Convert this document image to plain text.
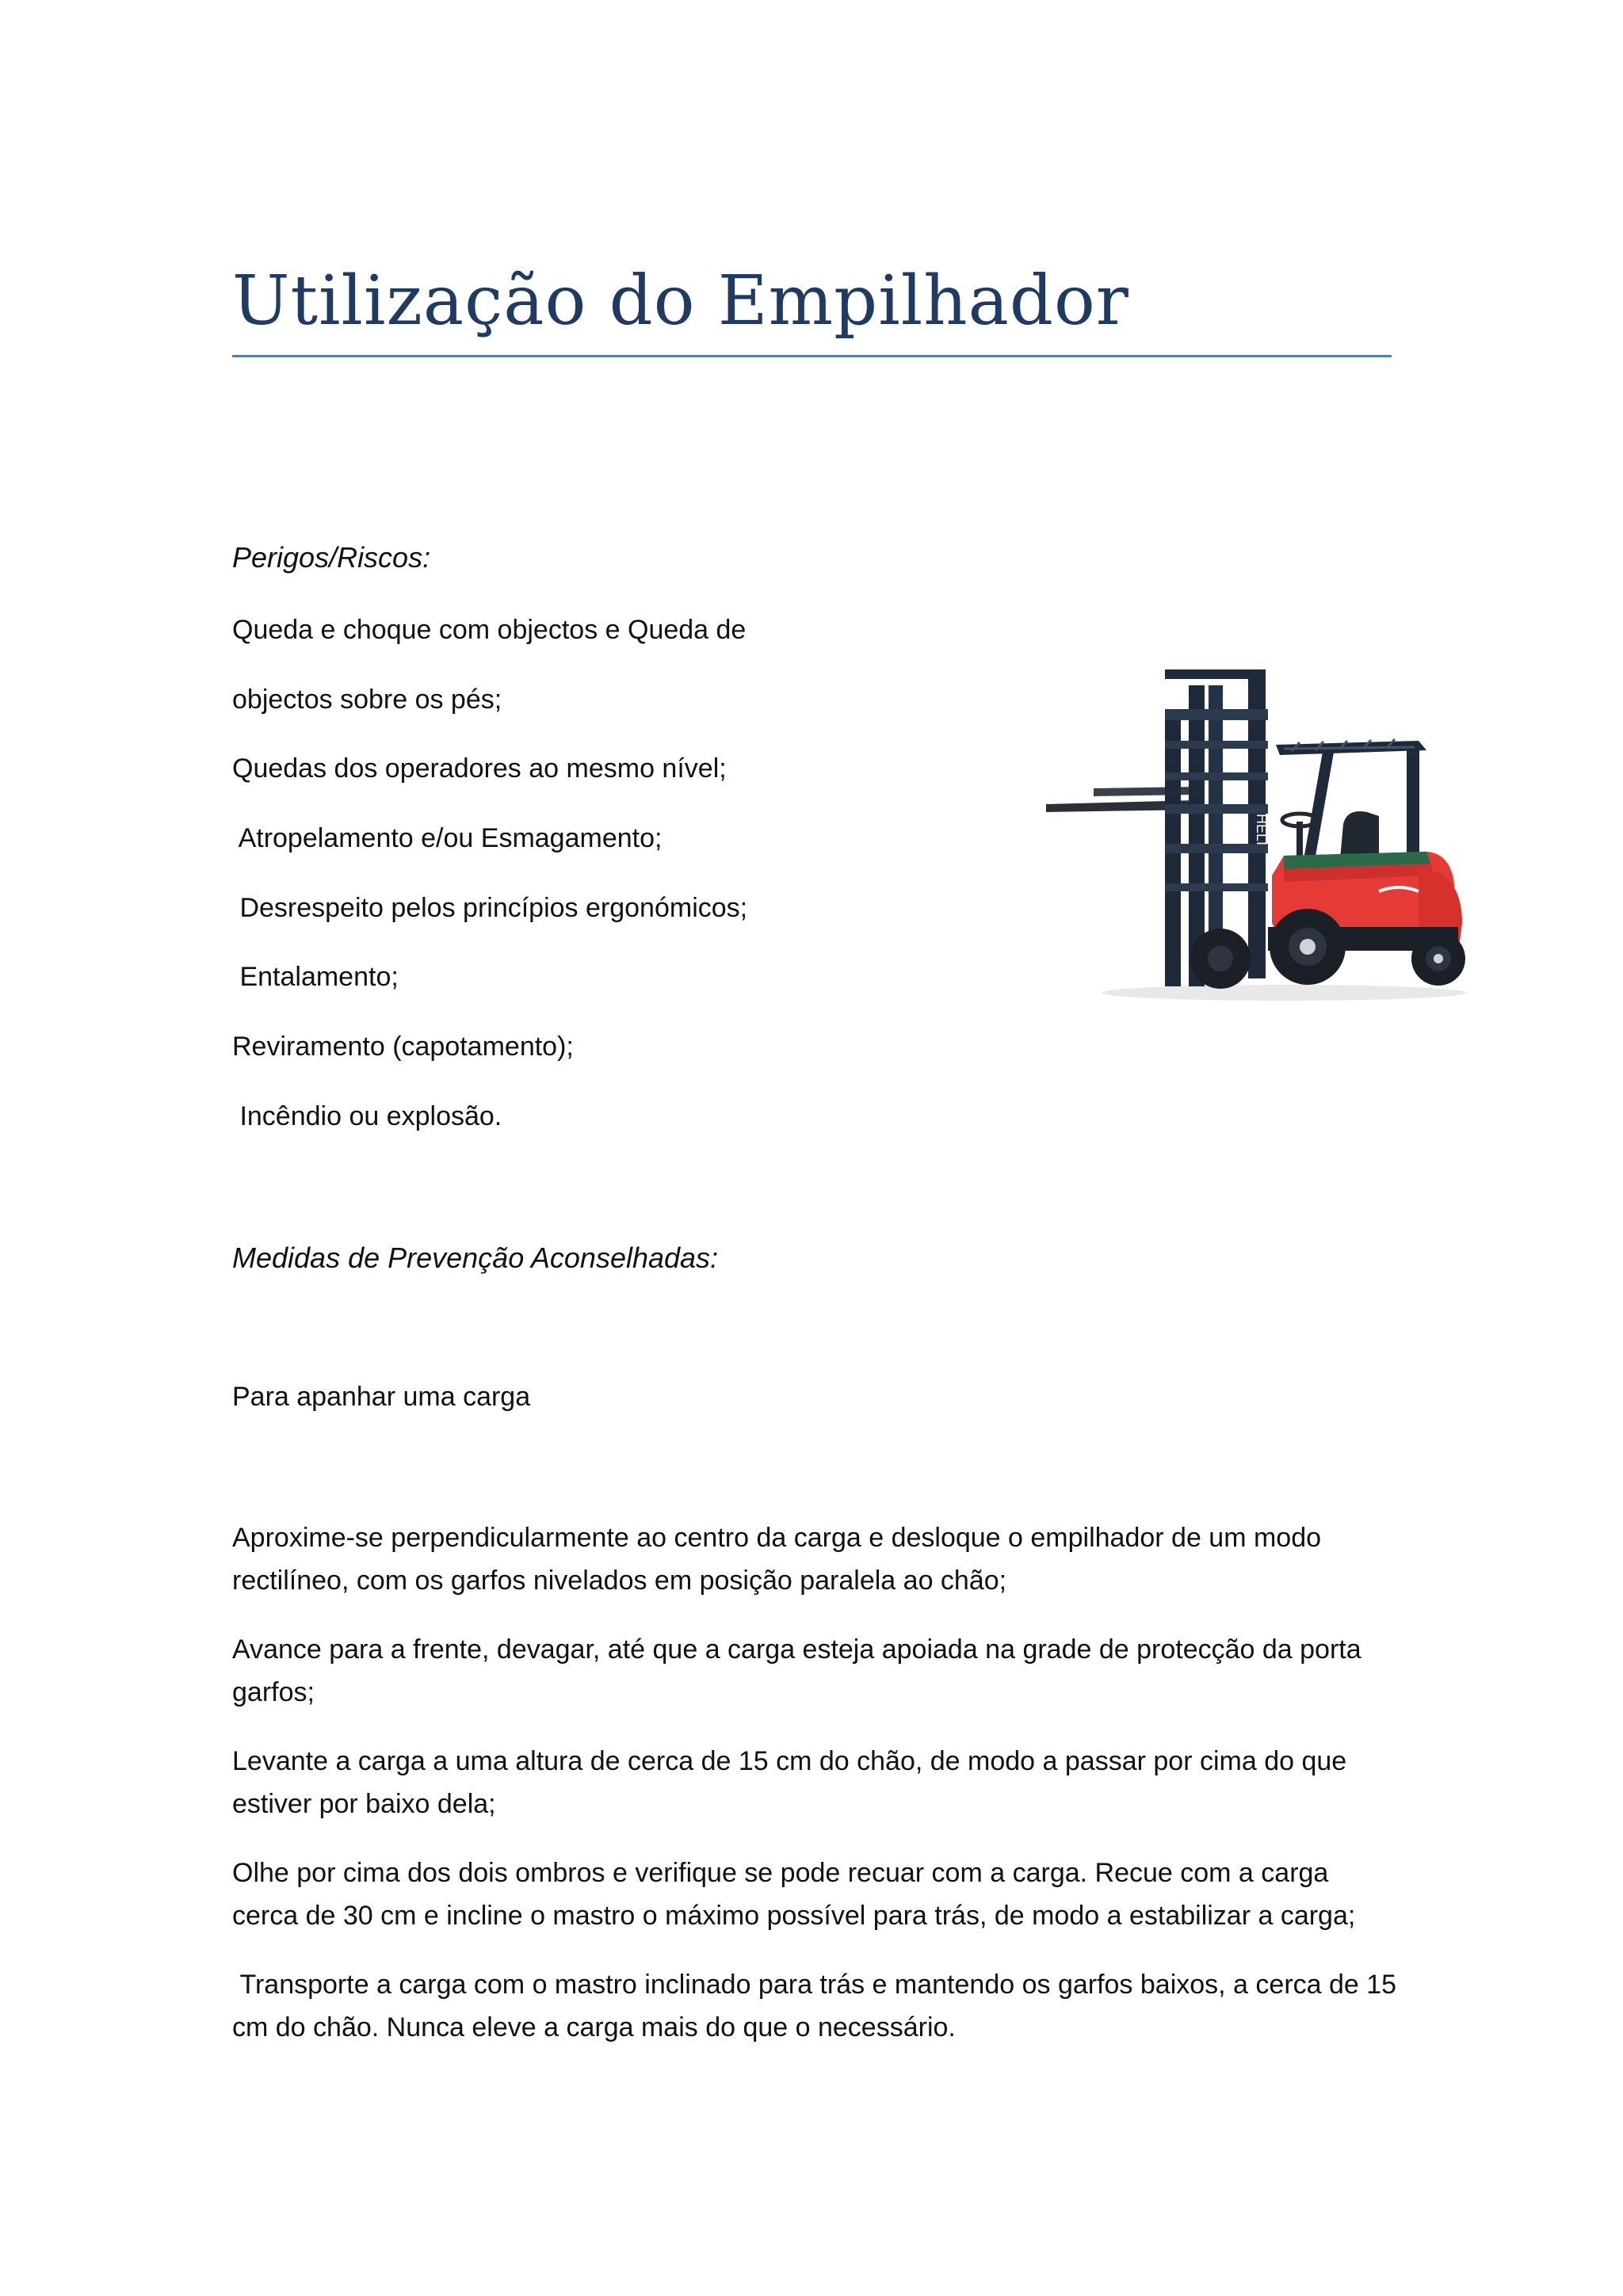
Utilização do Empilhador
Perigos/Riscos:
Queda e choque com objectos e Queda de
objectos sobre os pés;
Quedas dos operadores ao mesmo nível;
Atropelamento e/ou Esmagamento;
Desrespeito pelos princípios ergonómicos;
Entalamento;
Reviramento (capotamento);
Incêndio ou explosão.
HELI
Medidas de Prevenção Aconselhadas:
Para apanhar uma carga
Aproxime-se perpendicularmente ao centro da carga e desloque o empilhador de um modo rectilíneo, com os garfos nivelados em posição paralela ao chão;
Avance para a frente, devagar, até que a carga esteja apoiada na grade de protecção da porta garfos;
Levante a carga a uma altura de cerca de 15 cm do chão, de modo a passar por cima do que estiver por baixo dela;
Olhe por cima dos dois ombros e verifique se pode recuar com a carga. Recue com a carga cerca de 30 cm e incline o mastro o máximo possível para trás, de modo a estabilizar a carga;
Transporte a carga com o mastro inclinado para trás e mantendo os garfos baixos, a cerca de 15 cm do chão. Nunca eleve a carga mais do que o necessário.
